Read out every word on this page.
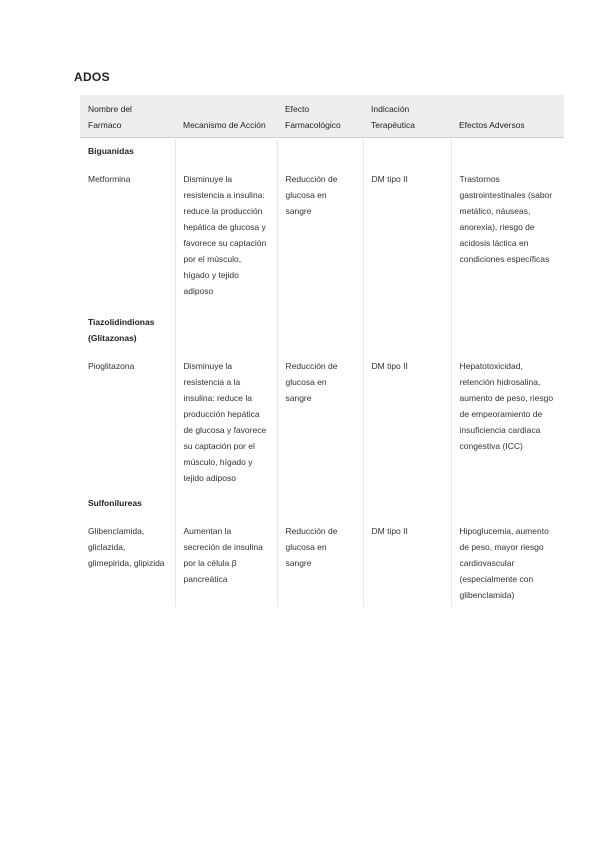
ADOS
Nombre del Farmaco	Mecanismo de Acción	Efecto Farmacológico	Indicación Terapéutica	Efectos Adversos
Biguanidas				
Metformina	Disminuye la resistencia a insulina: reduce la producción hepática de glucosa y favorece su captación por el músculo, hígado y tejido adiposo	Reducción de glucosa en sangre	DM tipo II	Trastornos gastrointestinales (sabor metálico, náuseas, anorexia), riesgo de acidosis láctica en condiciones específicas

Tiazolidindionas (Glitazonas)				
Pioglitazona	Disminuye la resistencia a la insulina: reduce la producción hepática de glucosa y favorece su captación por el músculo, hígado y tejido adiposo	Reducción de glucosa en sangre	DM tipo II	Hepatotoxicidad, retención hidrosalina, aumento de peso, riesgo de empeoramiento de insuficiencia cardiaca congestiva (ICC)
Sulfonilureas				
Glibenclamida, gliclazida, glimepirida, glipizida	Aumentan la secreción de insulina por la célula β pancreática	Reducción de glucosa en sangre	DM tipo II	Hipoglucemia, aumento de peso, mayor riesgo cardiovascular (especialmente con glibenclamida)
